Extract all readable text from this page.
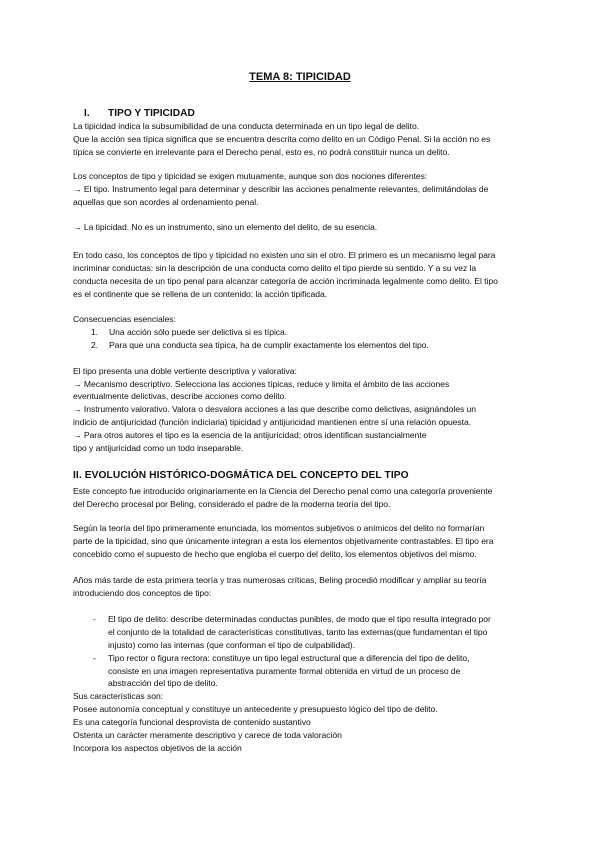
TEMA 8: TIPICIDAD
I. TIPO Y TIPICIDAD
La tipicidad indica la subsumibilidad de una conducta determinada en un tipo legal de delito.
Que la acción sea típica significa que se encuentra descrita como delito en un Código Penal. Si la acción no es
típica se convierte en irrelevante para el Derecho penal, esto es, no podrá constituir nunca un delito.
Los conceptos de tipo y tipicidad se exigen mutuamente, aunque son dos nociones diferentes:
→ El tipo. Instrumento legal para determinar y describir las acciones penalmente relevantes, delimitándolas de
aquellas que son acordes al ordenamiento penal.
→ La tipicidad. No es un instrumento, sino un elemento del delito, de su esencia.
En todo caso, los conceptos de tipo y tipicidad no existen uno sin el otro. El primero es un mecanismo legal para
incriminar conductas: sin la descripción de una conducta como delito el tipo pierde su sentido. Y a su vez la
conducta necesita de un tipo penal para alcanzar categoría de acción incriminada legalmente como delito. El tipo
es el continente que se rellena de un contenido: la acción tipificada.
Consecuencias esenciales:
1. Una acción sólo puede ser delictiva si es típica.
2. Para que una conducta sea típica, ha de cumplir exactamente los elementos del tipo.
El tipo presenta una doble vertiente descriptiva y valorativa:
→ Mecanismo descriptivo. Selecciona las acciones típicas, reduce y limita el ámbito de las acciones
eventualmente delictivas, describe acciones como delito.
→ Instrumento valorativo. Valora o desvalora acciones a las que describe como delictivas, asignándoles un
indicio de antijuricidad (función indiciaria) tipicidad y antijuricidad mantienen entre sí una relación opuesta.
→ Para otros autores el tipo es la esencia de la antijuricidad; otros identifican sustancialmente
tipo y antijuricidad como un todo inseparable.
II. EVOLUCIÓN HISTÓRICO-DOGMÁTICA DEL CONCEPTO DEL TIPO
Este concepto fue introducido originariamente en la Ciencia del Derecho penal como una categoría proveniente
del Derecho procesal por Beling, considerado el padre de la moderna teoría del tipo.
Según la teoría del tipo primeramente enunciada, los momentos subjetivos o anímicos del delito no formarían
parte de la tipicidad, sino que únicamente integran a esta los elementos objetivamente contrastables. El tipo era
concebido como el supuesto de hecho que engloba el cuerpo del delito, los elementos objetivos del mismo.
Años más tarde de esta primera teoría y tras numerosas críticas, Beling procedió modificar y ampliar su teoría
introduciendo dos conceptos de tipo:
- El tipo de delito: describe determinadas conductas punibles, de modo que el tipo resulta integrado por
el conjunto de la totalidad de características constitutivas, tanto las externas(que fundamentan el tipo
injusto) como las internas (que conforman el tipo de culpabilidad).
- Tipo rector o figura rectora: constituye un tipo legal estructural que a diferencia del tipo de delito,
consiste en una imagen representativa puramente formal obtenida en virtud de un proceso de
abstracción del tipo de delito.
Sus características son:
Posee autonomía conceptual y constituye un antecedente y presupuesto lógico del tipo de delito.
Es una categoría funcional desprovista de contenido sustantivo
Ostenta un carácter meramente descriptivo y carece de toda valoración
Incorpora los aspectos objetivos de la acción
